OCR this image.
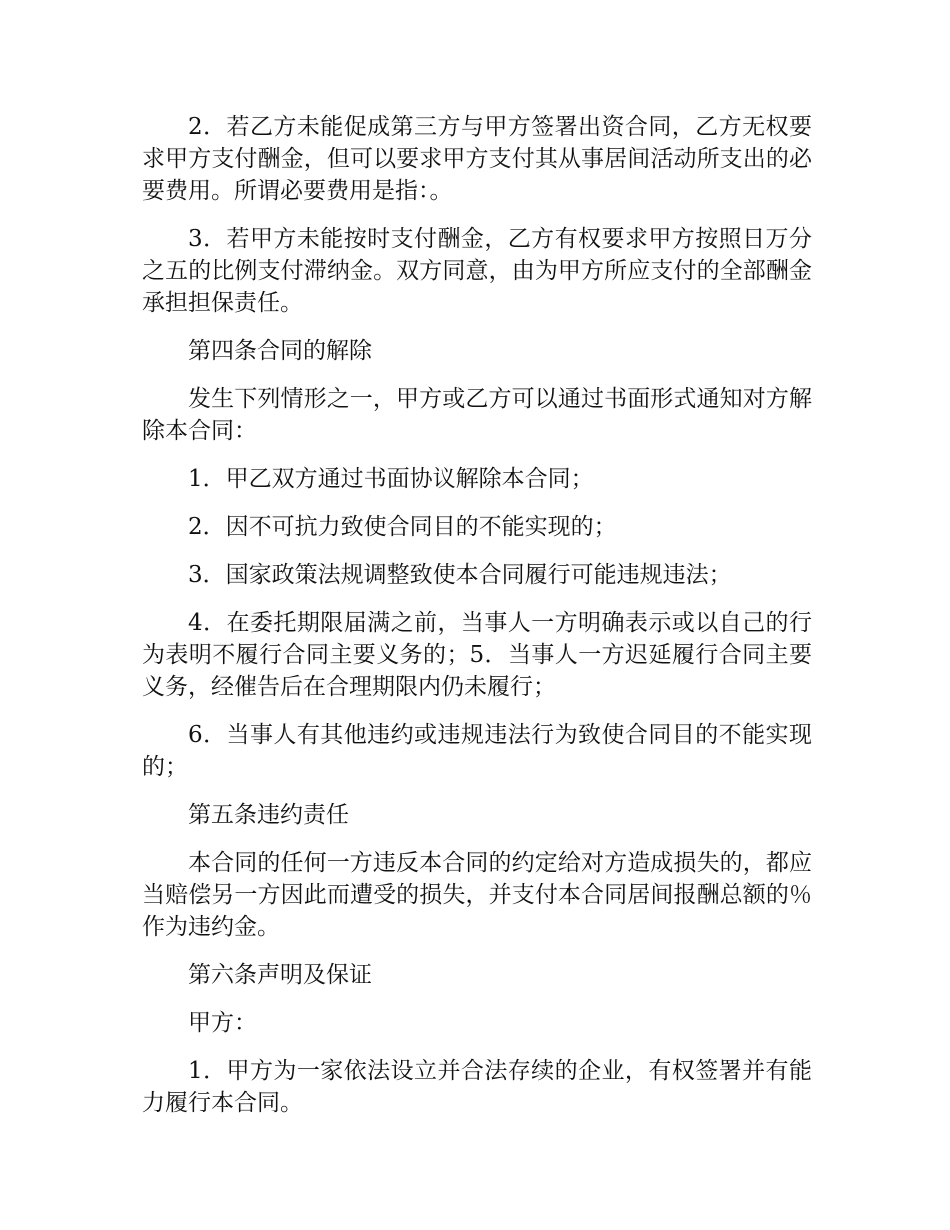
2．若乙方未能促成第三方与甲方签署出资合同，乙方无权要求甲方支付酬金，但可以要求甲方支付其从事居间活动所支出的必要费用。所谓必要费用是指：。

3．若甲方未能按时支付酬金，乙方有权要求甲方按照日万分之五的比例支付滞纳金。双方同意，由为甲方所应支付的全部酬金承担担保责任。

第四条合同的解除

发生下列情形之一，甲方或乙方可以通过书面形式通知对方解除本合同：

1．甲乙双方通过书面协议解除本合同；

2．因不可抗力致使合同目的不能实现的；

3．国家政策法规调整致使本合同履行可能违规违法；

4．在委托期限届满之前，当事人一方明确表示或以自己的行为表明不履行合同主要义务的；5．当事人一方迟延履行合同主要义务，经催告后在合理期限内仍未履行；

6．当事人有其他违约或违规违法行为致使合同目的不能实现的；

第五条违约责任

本合同的任何一方违反本合同的约定给对方造成损失的，都应当赔偿另一方因此而遭受的损失，并支付本合同居间报酬总额的％作为违约金。

第六条声明及保证

甲方：

1．甲方为一家依法设立并合法存续的企业，有权签署并有能力履行本合同。
